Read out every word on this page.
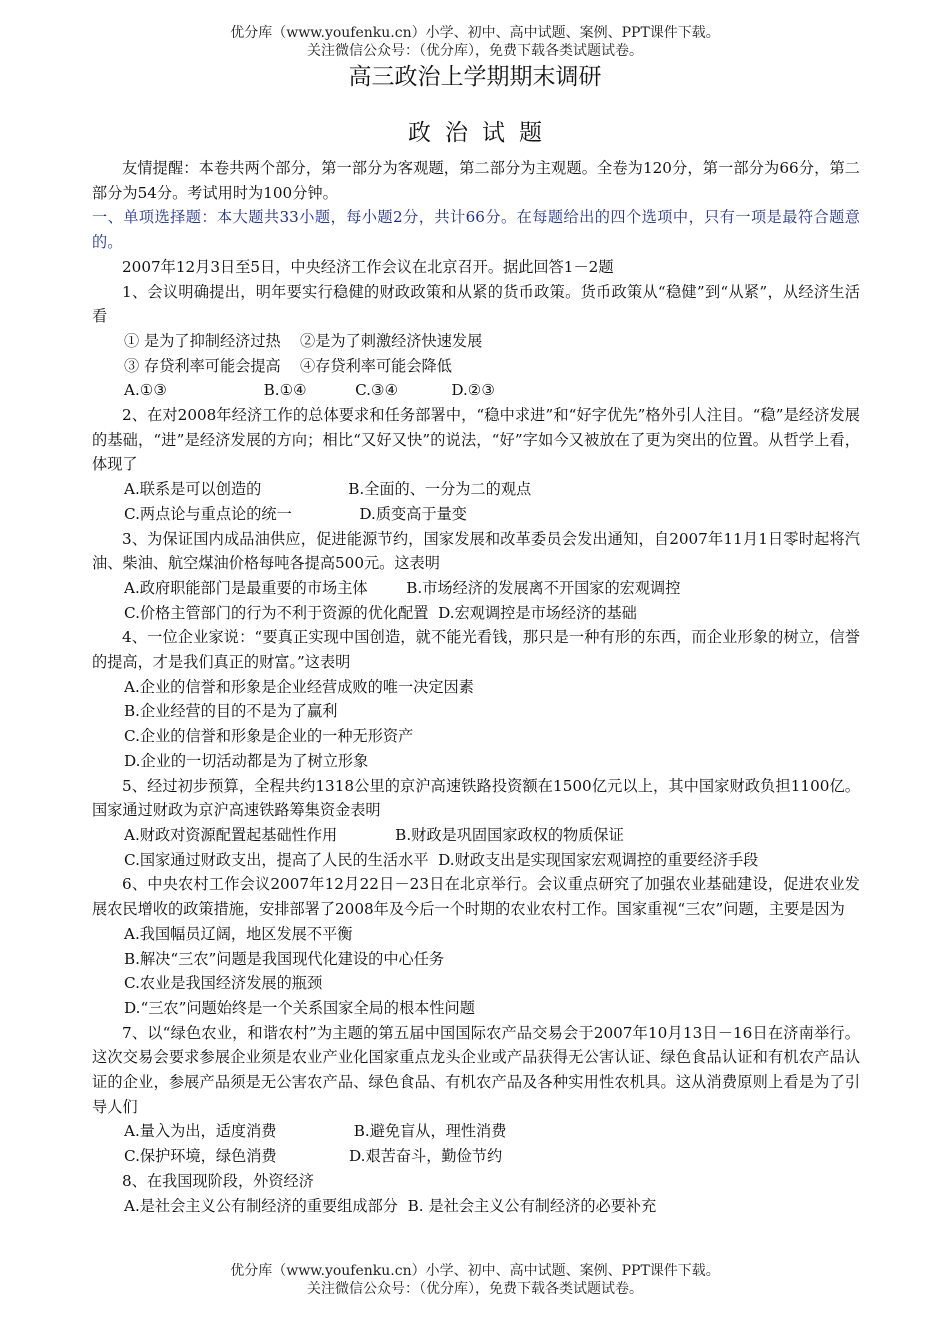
优分库（www.youfenku.cn）小学、初中、高中试题、案例、PPT课件下载。
关注微信公众号：（优分库），免费下载各类试题试卷。
高三政治上学期期末调研
政治试题

友情提醒：本卷共两个部分，第一部分为客观题，第二部分为主观题。全卷为120分，第一部分为66分，第二部分为54分。考试用时为100分钟。

一、单项选择题：本大题共33小题，每小题2分，共计66分。在每题给出的四个选项中，只有一项是最符合题意的。

2007年12月3日至5日，中央经济工作会议在北京召开。据此回答1－2题

1、会议明确提出，明年要实行稳健的财政政策和从紧的货币政策。货币政策从“稳健”到“从紧”，从经济生活看

① 是为了抑制经济过热    ②是为了刺激经济快速发展

③ 存贷利率可能会提高    ④存贷利率可能会降低

A.①③                    B.①④          C.③④           D.②③

2、在对2008年经济工作的总体要求和任务部署中，“稳中求进”和“好字优先”格外引人注目。“稳”是经济发展的基础，“进”是经济发展的方向；相比“又好又快”的说法，“好”字如今又被放在了更为突出的位置。从哲学上看，体现了

A.联系是可以创造的                  B.全面的、一分为二的观点

C.两点论与重点论的统一              D.质变高于量变

3、为保证国内成品油供应，促进能源节约，国家发展和改革委员会发出通知，自2007年11月1日零时起将汽油、柴油、航空煤油价格每吨各提高500元。这表明

A.政府职能部门是最重要的市场主体        B.市场经济的发展离不开国家的宏观调控

C.价格主管部门的行为不利于资源的优化配置  D.宏观调控是市场经济的基础

4、一位企业家说：“要真正实现中国创造，就不能光看钱，那只是一种有形的东西，而企业形象的树立，信誉的提高，才是我们真正的财富。”这表明

A.企业的信誉和形象是企业经营成败的唯一决定因素

B.企业经营的目的不是为了赢利

C.企业的信誉和形象是企业的一种无形资产

D.企业的一切活动都是为了树立形象

5、经过初步预算，全程共约1318公里的京沪高速铁路投资额在1500亿元以上，其中国家财政负担1100亿。国家通过财政为京沪高速铁路筹集资金表明

A.财政对资源配置起基础性作用            B.财政是巩固国家政权的物质保证

C.国家通过财政支出，提高了人民的生活水平  D.财政支出是实现国家宏观调控的重要经济手段

6、中央农村工作会议2007年12月22日－23日在北京举行。会议重点研究了加强农业基础建设，促进农业发展农民增收的政策措施，安排部署了2008年及今后一个时期的农业农村工作。国家重视“三农”问题，主要是因为

A.我国幅员辽阔，地区发展不平衡

B.解决“三农”问题是我国现代化建设的中心任务

C.农业是我国经济发展的瓶颈

D.“三农”问题始终是一个关系国家全局的根本性问题

7、以“绿色农业，和谐农村”为主题的第五届中国国际农产品交易会于2007年10月13日－16日在济南举行。这次交易会要求参展企业须是农业产业化国家重点龙头企业或产品获得无公害认证、绿色食品认证和有机农产品认证的企业，参展产品须是无公害农产品、绿色食品、有机农产品及各种实用性农机具。这从消费原则上看是为了引导人们

A.量入为出，适度消费                B.避免盲从，理性消费

C.保护环境，绿色消费               D.艰苦奋斗，勤俭节约

8、在我国现阶段，外资经济

A.是社会主义公有制经济的重要组成部分  B. 是社会主义公有制经济的必要补充

优分库（www.youfenku.cn）小学、初中、高中试题、案例、PPT课件下载。
关注微信公众号：（优分库），免费下载各类试题试卷。
